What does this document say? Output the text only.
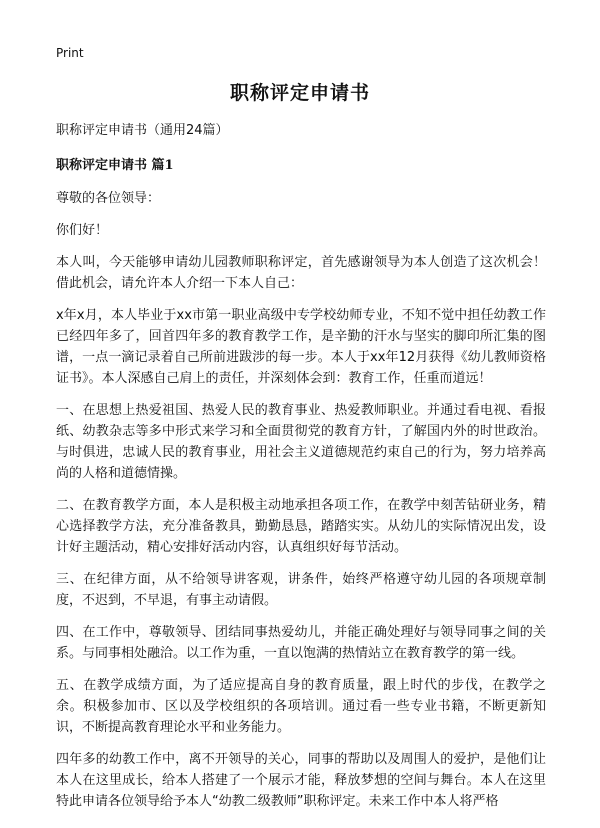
Print
职称评定申请书

职称评定申请书（通用24篇）

职称评定申请书 篇1

尊敬的各位领导：

你们好！

本人叫，今天能够申请幼儿园教师职称评定，首先感谢领导为本人创造了这次机会！借此机会，请允许本人介绍一下本人自己：

x年x月，本人毕业于xx市第一职业高级中专学校幼师专业，不知不觉中担任幼教工作已经四年多了，回首四年多的教育教学工作，是辛勤的汗水与坚实的脚印所汇集的图谱，一点一滴记录着自己所前进跋涉的每一步。本人于xx年12月获得《幼儿教师资格证书》。本人深感自己肩上的责任，并深刻体会到：教育工作，任重而道远！

一、在思想上热爱祖国、热爱人民的教育事业、热爱教师职业。并通过看电视、看报纸、幼教杂志等多中形式来学习和全面贯彻党的教育方针，了解国内外的时世政治。与时俱进，忠诚人民的教育事业，用社会主义道德规范约束自己的行为，努力培养高尚的人格和道德情操。

二、在教育教学方面，本人是积极主动地承担各项工作，在教学中刻苦钻研业务，精心选择教学方法，充分准备教具，勤勤恳恳，踏踏实实。从幼儿的实际情况出发，设计好主题活动，精心安排好活动内容，认真组织好每节活动。

三、在纪律方面，从不给领导讲客观，讲条件，始终严格遵守幼儿园的各项规章制度，不迟到，不早退，有事主动请假。

四、在工作中，尊敬领导、团结同事热爱幼儿，并能正确处理好与领导同事之间的关系。与同事相处融洽。以工作为重，一直以饱满的热情站立在教育教学的第一线。

五、在教学成绩方面，为了适应提高自身的教育质量，跟上时代的步伐，在教学之余。积极参加市、区以及学校组织的各项培训。通过看一些专业书籍，不断更新知识，不断提高教育理论水平和业务能力。

四年多的幼教工作中，离不开领导的关心，同事的帮助以及周围人的爱护，是他们让本人在这里成长，给本人搭建了一个展示才能，释放梦想的空间与舞台。本人在这里特此申请各位领导给予本人“幼教二级教师”职称评定。未来工作中本人将严格
